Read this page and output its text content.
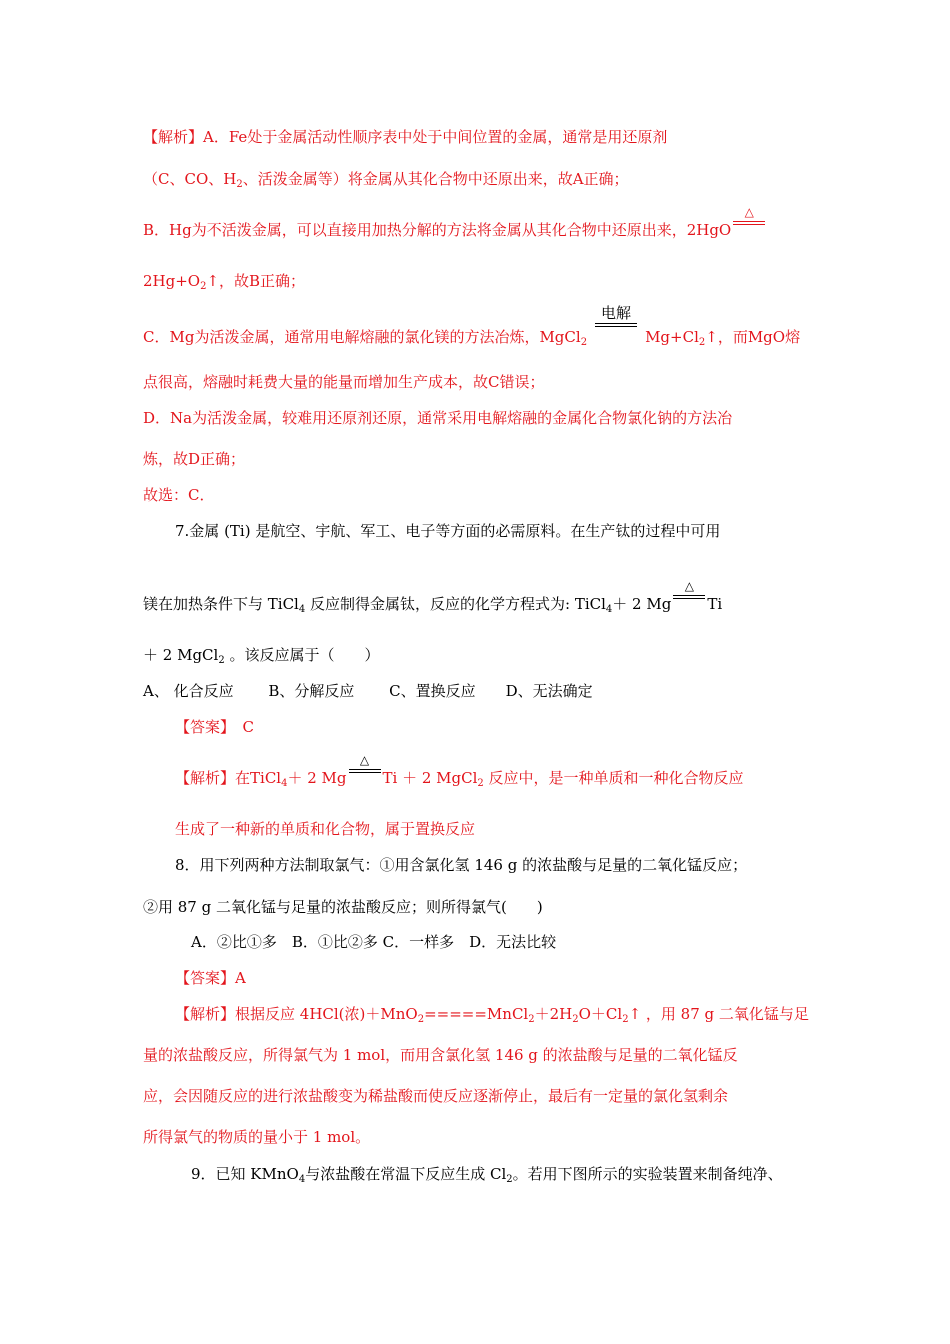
【解析】A．Fe处于金属活动性顺序表中处于中间位置的金属，通常是用还原剂
（C、CO、$H_2$、活泼金属等）将金属从其化合物中还原出来，故A正确；
B．Hg为不活泼金属，可以直接用加热分解的方法将金属从其化合物中还原出来，2HgO
△
$2Hg+O_2↑$，故B正确；
C．Mg为活泼金属，通常用电解熔融的氯化镁的方法冶炼，MgCl$_2$
电解
$Mg+Cl_2↑$，而MgO熔
点很高，熔融时耗费大量的能量而增加生产成本，故C错误；
D．Na为活泼金属，较难用还原剂还原，通常采用电解熔融的金属化合物氯化钠的方法冶
炼，故D正确；
故选：C．
7.金属 (Ti) 是航空、宇航、军工、电子等方面的必需原料。在生产钛的过程中可用
镁在加热条件下与 TiCl$_4$ 反应制得金属钛，反应的化学方程式为: TiCl$_4$＋ 2 Mg
△
Ti
＋ 2 MgCl$_2$ 。该反应属于（　　）
A、 化合反应　　 B、分解反应　　 C、置换反应　　D、无法确定
【答案】　C
【解析】在TiCl$_4$＋ 2 Mg
△
Ti ＋ 2 MgCl$_2$ 反应中，是一种单质和一种化合物反应
生成了一种新的单质和化合物，属于置换反应
8．用下列两种方法制取氯气：①用含氯化氢 146 g 的浓盐酸与足量的二氧化锰反应；
②用 87 g 二氧化锰与足量的浓盐酸反应；则所得氯气(　　)
A．②比①多　B．①比②多 C．一样多　D．无法比较
【答案】A
【解析】根据反应 4HCl(浓)$+MnO_2=====MnCl_2+2H_2O+Cl_2↑$ ，用 87 g 二氧化锰与足
量的浓盐酸反应，所得氯气为 1 mol，而用含氯化氢 146 g 的浓盐酸与足量的二氧化锰反
应，会因随反应的进行浓盐酸变为稀盐酸而使反应逐渐停止，最后有一定量的氯化氢剩余
所得氯气的物质的量小于 1 mol。
9．已知 KMnO$_4$与浓盐酸在常温下反应生成 $Cl_2$。若用下图所示的实验装置来制备纯净、
